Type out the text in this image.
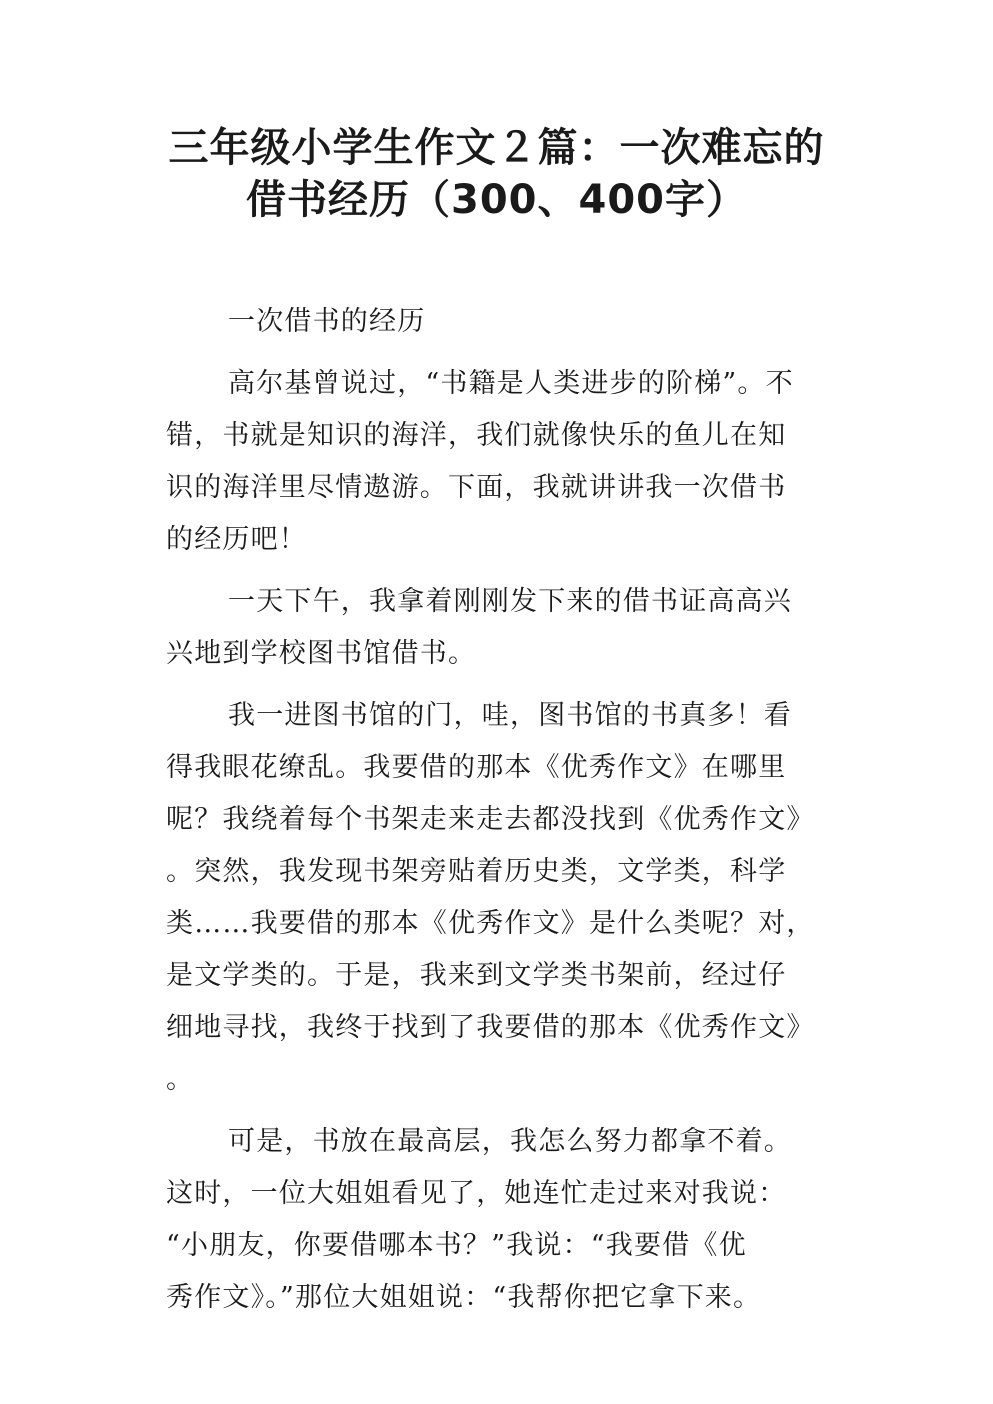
三年级小学生作文２篇：一次难忘的
借书经历（300、400字）
一次借书的经历
高尔基曾说过，“书籍是人类进步的阶梯”。不
错，书就是知识的海洋，我们就像快乐的鱼儿在知
识的海洋里尽情遨游。下面，我就讲讲我一次借书
的经历吧！
一天下午，我拿着刚刚发下来的借书证高高兴
兴地到学校图书馆借书。
我一进图书馆的门，哇，图书馆的书真多！看
得我眼花缭乱。我要借的那本《优秀作文》在哪里
呢？我绕着每个书架走来走去都没找到《优秀作文》
。突然，我发现书架旁贴着历史类，文学类，科学
类……我要借的那本《优秀作文》是什么类呢？对，
是文学类的。于是，我来到文学类书架前，经过仔
细地寻找，我终于找到了我要借的那本《优秀作文》
。
可是，书放在最高层，我怎么努力都拿不着。
这时，一位大姐姐看见了，她连忙走过来对我说：
“小朋友，你要借哪本书？”我说：“我要借《优
秀作文》。”那位大姐姐说：“我帮你把它拿下来。
